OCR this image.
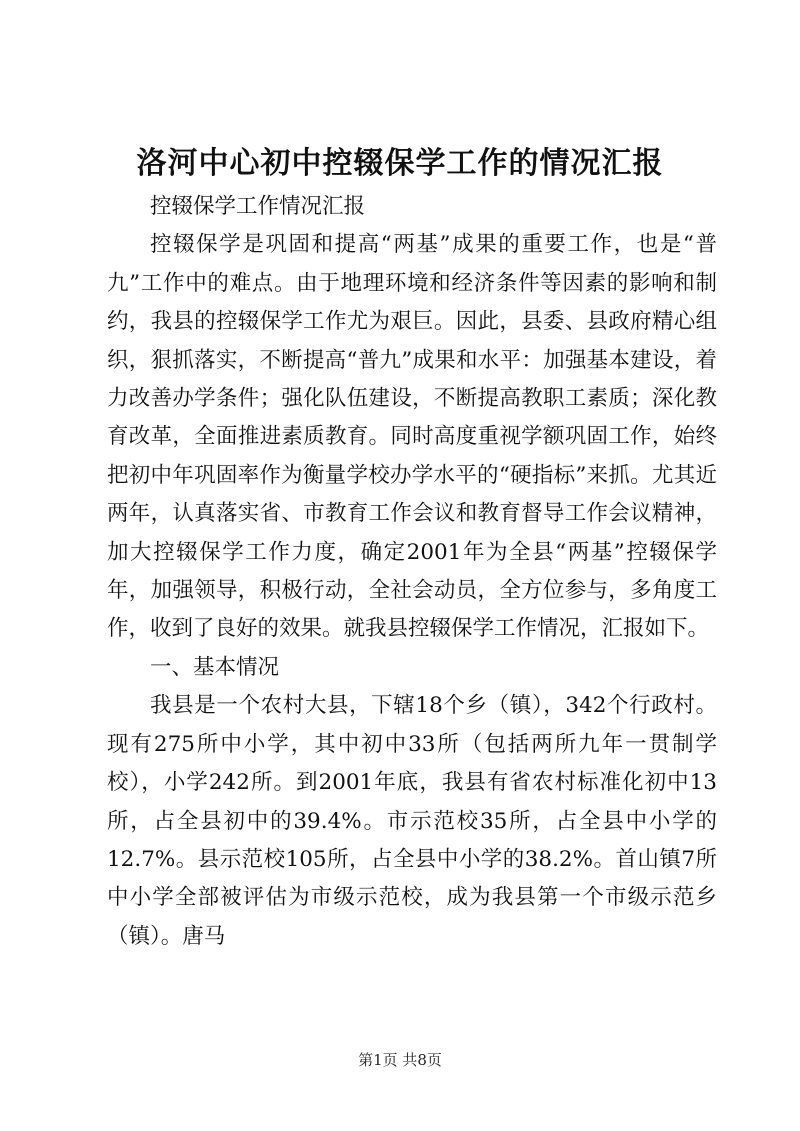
洛河中心初中控辍保学工作的情况汇报

控辍保学工作情况汇报

控辍保学是巩固和提高“两基”成果的重要工作，也是“普九”工作中的难点。由于地理环境和经济条件等因素的影响和制约，我县的控辍保学工作尤为艰巨。因此，县委、县政府精心组织，狠抓落实，不断提高“普九”成果和水平：加强基本建设，着力改善办学条件；强化队伍建设，不断提高教职工素质；深化教育改革，全面推进素质教育。同时高度重视学额巩固工作，始终把初中年巩固率作为衡量学校办学水平的“硬指标”来抓。尤其近两年，认真落实省、市教育工作会议和教育督导工作会议精神，加大控辍保学工作力度，确定2001年为全县“两基”控辍保学年，加强领导，积极行动，全社会动员，全方位参与，多角度工作，收到了良好的效果。就我县控辍保学工作情况，汇报如下。

一、基本情况

我县是一个农村大县，下辖18个乡（镇），342个行政村。现有275所中小学，其中初中33所（包括两所九年一贯制学校），小学242所。到2001年底，我县有省农村标准化初中13所，占全县初中的39.4%。市示范校35所，占全县中小学的12.7%。县示范校105所，占全县中小学的38.2%。首山镇7所中小学全部被评估为市级示范校，成为我县第一个市级示范乡（镇）。唐马

第1页 共8页
